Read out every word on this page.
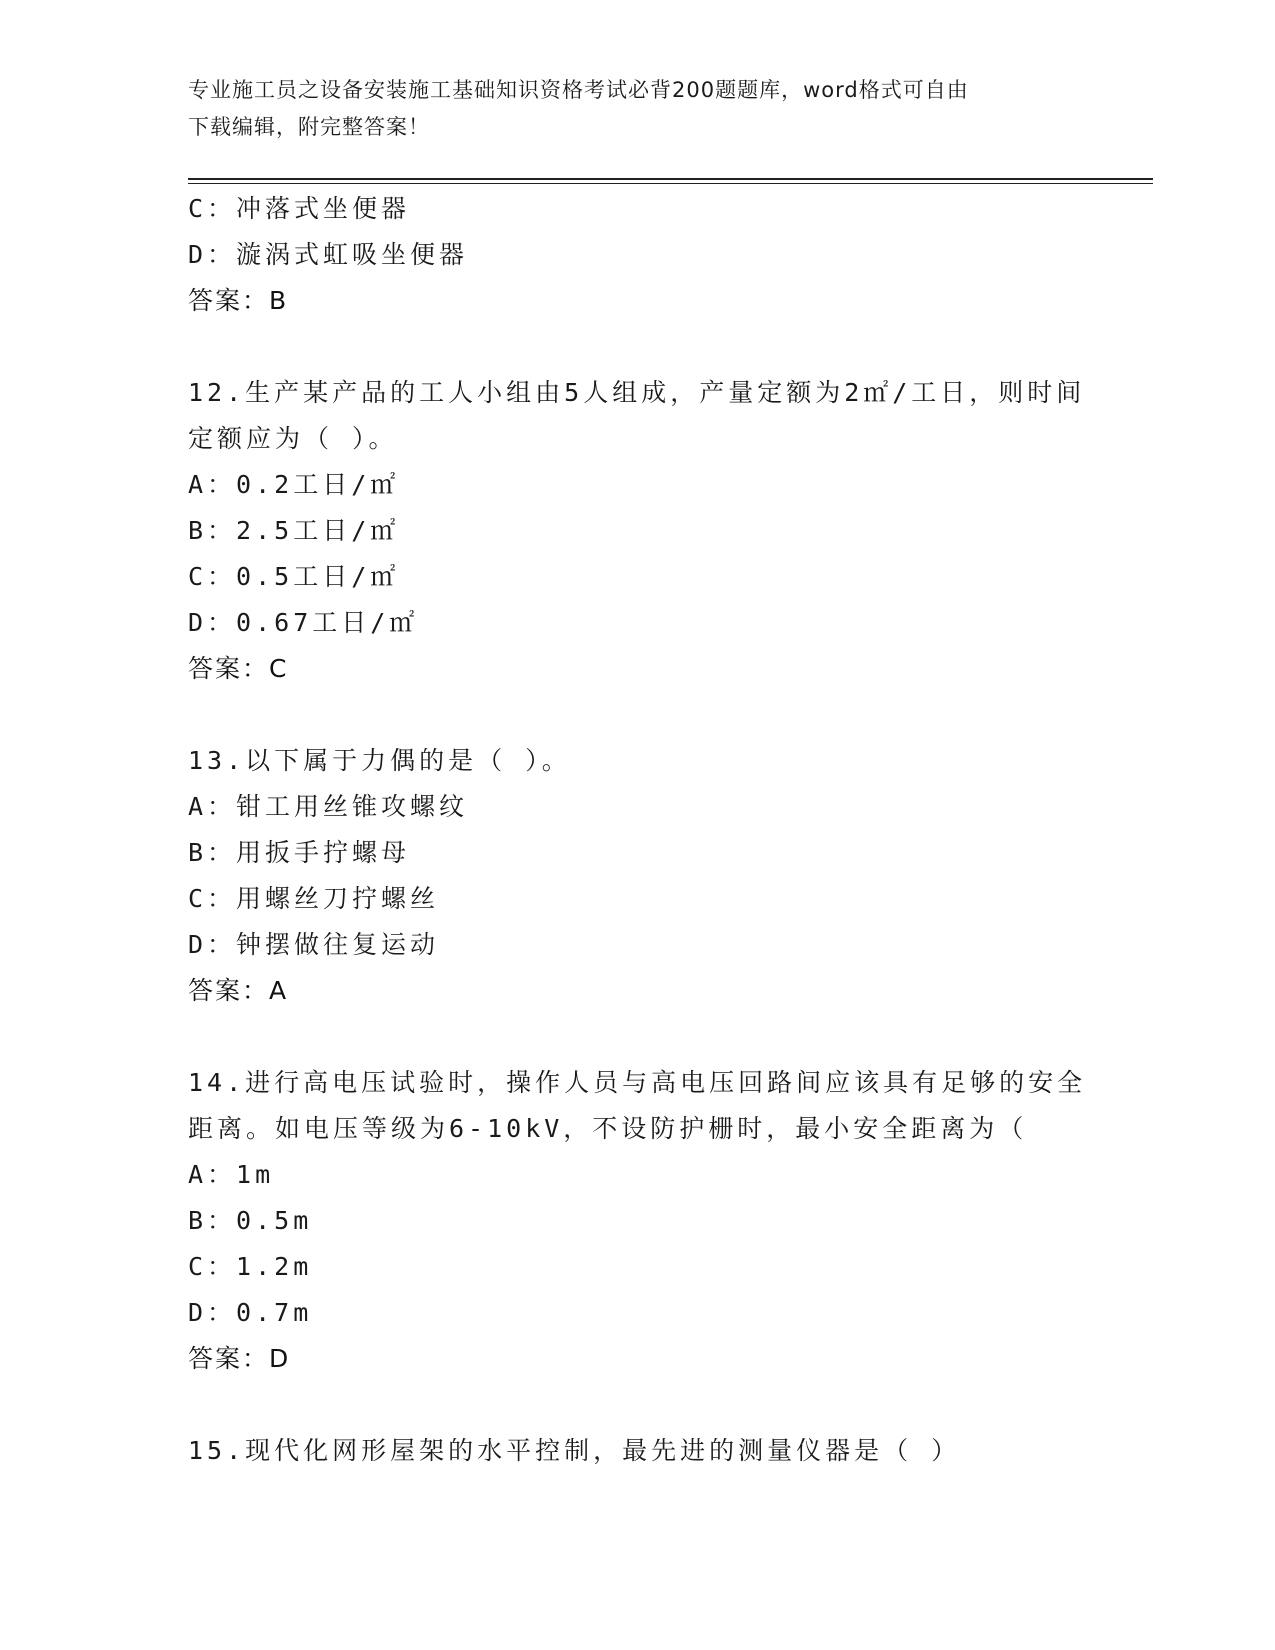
专业施工员之设备安装施工基础知识资格考试必背200题题库，word格式可自由
下载编辑，附完整答案！
C：冲落式坐便器
D：漩涡式虹吸坐便器
答案：B
12.生产某产品的工人小组由5人组成，产量定额为2㎡/工日，则时间
定额应为（ ）。
A：0.2工日/㎡
B：2.5工日/㎡
C：0.5工日/㎡
D：0.67工日/㎡
答案：C
13.以下属于力偶的是（ ）。
A：钳工用丝锥攻螺纹
B：用扳手拧螺母
C：用螺丝刀拧螺丝
D：钟摆做往复运动
答案：A
14.进行高电压试验时，操作人员与高电压回路间应该具有足够的安全
距离。如电压等级为6-10kV，不设防护栅时，最小安全距离为（
A：1m
B：0.5m
C：1.2m
D：0.7m
答案：D
15.现代化网形屋架的水平控制，最先进的测量仪器是（ ）
